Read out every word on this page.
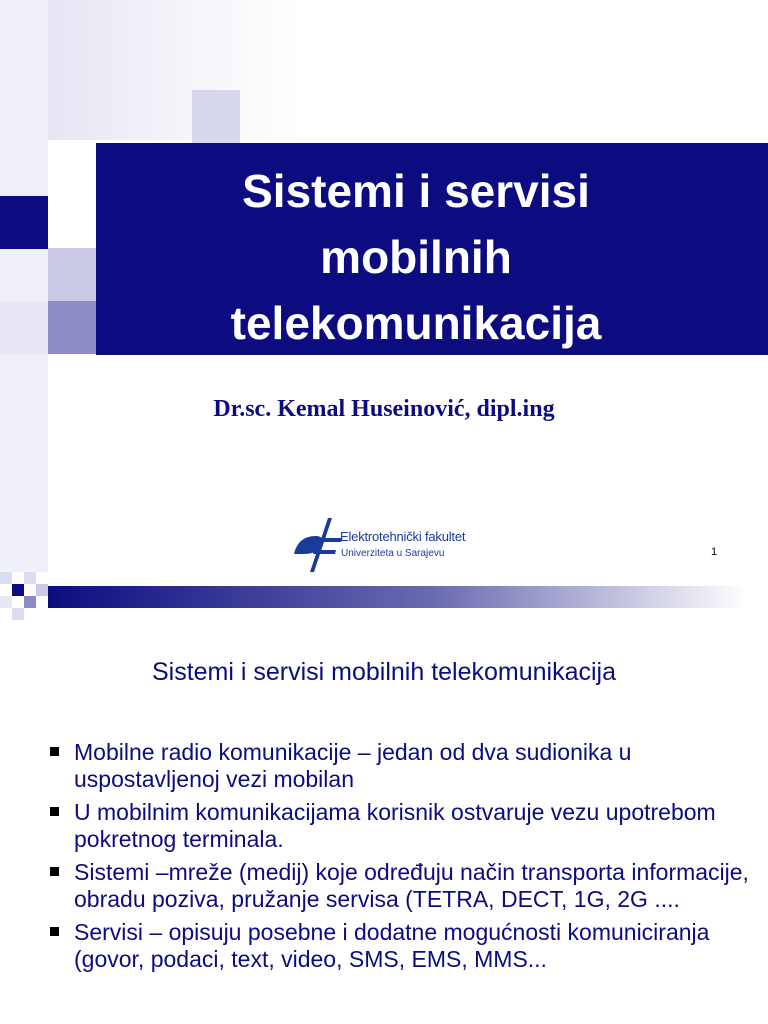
Sistemi i servisi
mobilnih
telekomunikacija
Dr.sc. Kemal Huseinović, dipl.ing
Elektrotehnički fakultet
Univerziteta u Sarajevu	1
Sistemi i servisi mobilnih telekomunikacija
Mobilne radio komunikacije – jedan od dva sudionika u uspostavljenoj vezi mobilan
U mobilnim komunikacijama korisnik ostvaruje vezu upotrebom pokretnog terminala.
Sistemi –mreže (medij) koje određuju način transporta informacije, obradu poziva, pružanje servisa (TETRA, DECT, 1G, 2G ....
Servisi – opisuju posebne i dodatne mogućnosti komuniciranja (govor, podaci, text, video, SMS, EMS, MMS...
